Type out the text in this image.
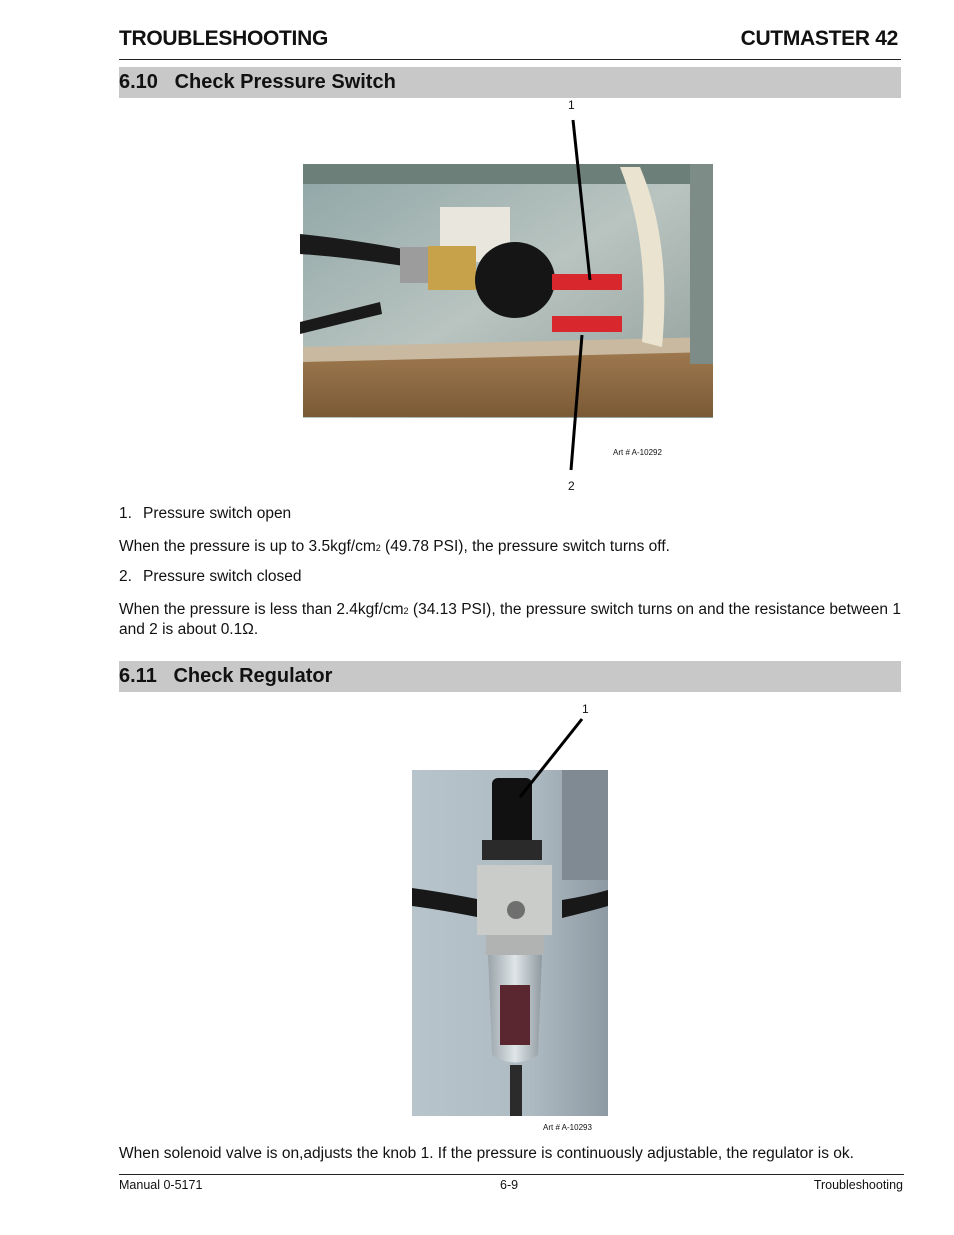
TROUBLESHOOTING	CUTMASTER 42
6.10   Check Pressure Switch
1
Art # A-10292
2
1. Pressure switch open
When the pressure is up to $3.5kgf/cm^2$ (49.78 PSI), the pressure switch turns off.
2. Pressure switch closed
When the pressure is less than $2.4kgf/cm^2$ (34.13 PSI), the pressure switch turns on and the resistance between 1 and 2 is about 0.1Ω.
6.11   Check Regulator
1
Art # A-10293
When solenoid valve is on,adjusts the knob 1. If the pressure is continuously adjustable, the regulator is ok.
Manual 0-5171	6-9	Troubleshooting
